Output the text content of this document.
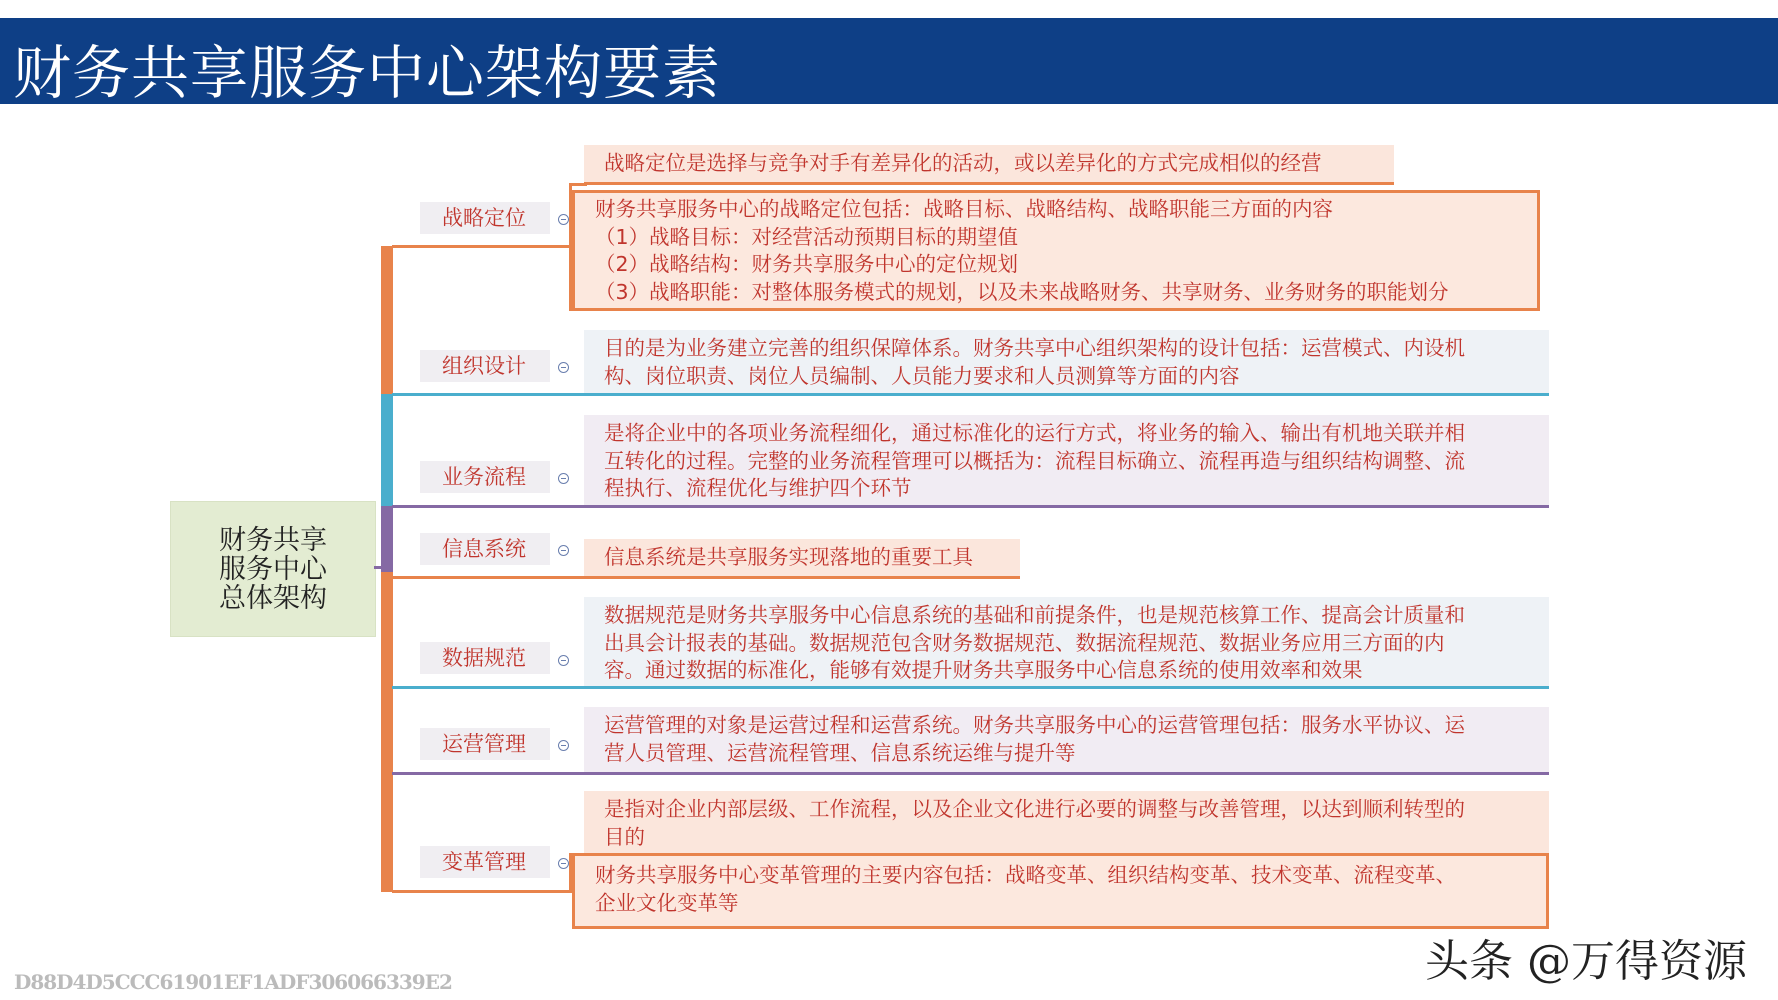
财务共享服务中心架构要素
财务共享
服务中心
总体架构
战略定位
组织设计
业务流程
信息系统
数据规范
运营管理
变革管理
战略定位是选择与竞争对手有差异化的活动，或以差异化的方式完成相似的经营
财务共享服务中心的战略定位包括：战略目标、战略结构、战略职能三方面的内容
（1）战略目标：对经营活动预期目标的期望值
（2）战略结构：财务共享服务中心的定位规划
（3）战略职能：对整体服务模式的规划，以及未来战略财务、共享财务、业务财务的职能划分
目的是为业务建立完善的组织保障体系。财务共享中心组织架构的设计包括：运营模式、内设机
构、岗位职责、岗位人员编制、人员能力要求和人员测算等方面的内容
是将企业中的各项业务流程细化，通过标准化的运行方式，将业务的输入、输出有机地关联并相
互转化的过程。完整的业务流程管理可以概括为：流程目标确立、流程再造与组织结构调整、流
程执行、流程优化与维护四个环节
信息系统是共享服务实现落地的重要工具
数据规范是财务共享服务中心信息系统的基础和前提条件，也是规范核算工作、提高会计质量和
出具会计报表的基础。数据规范包含财务数据规范、数据流程规范、数据业务应用三方面的内
容。通过数据的标准化，能够有效提升财务共享服务中心信息系统的使用效率和效果
运营管理的对象是运营过程和运营系统。财务共享服务中心的运营管理包括：服务水平协议、运
营人员管理、运营流程管理、信息系统运维与提升等
是指对企业内部层级、工作流程，以及企业文化进行必要的调整与改善管理，以达到顺利转型的
目的
财务共享服务中心变革管理的主要内容包括：战略变革、组织结构变革、技术变革、流程变革、
企业文化变革等
头条 @万得资源
D88D4D5CCC61901EF1ADF306066339E2
